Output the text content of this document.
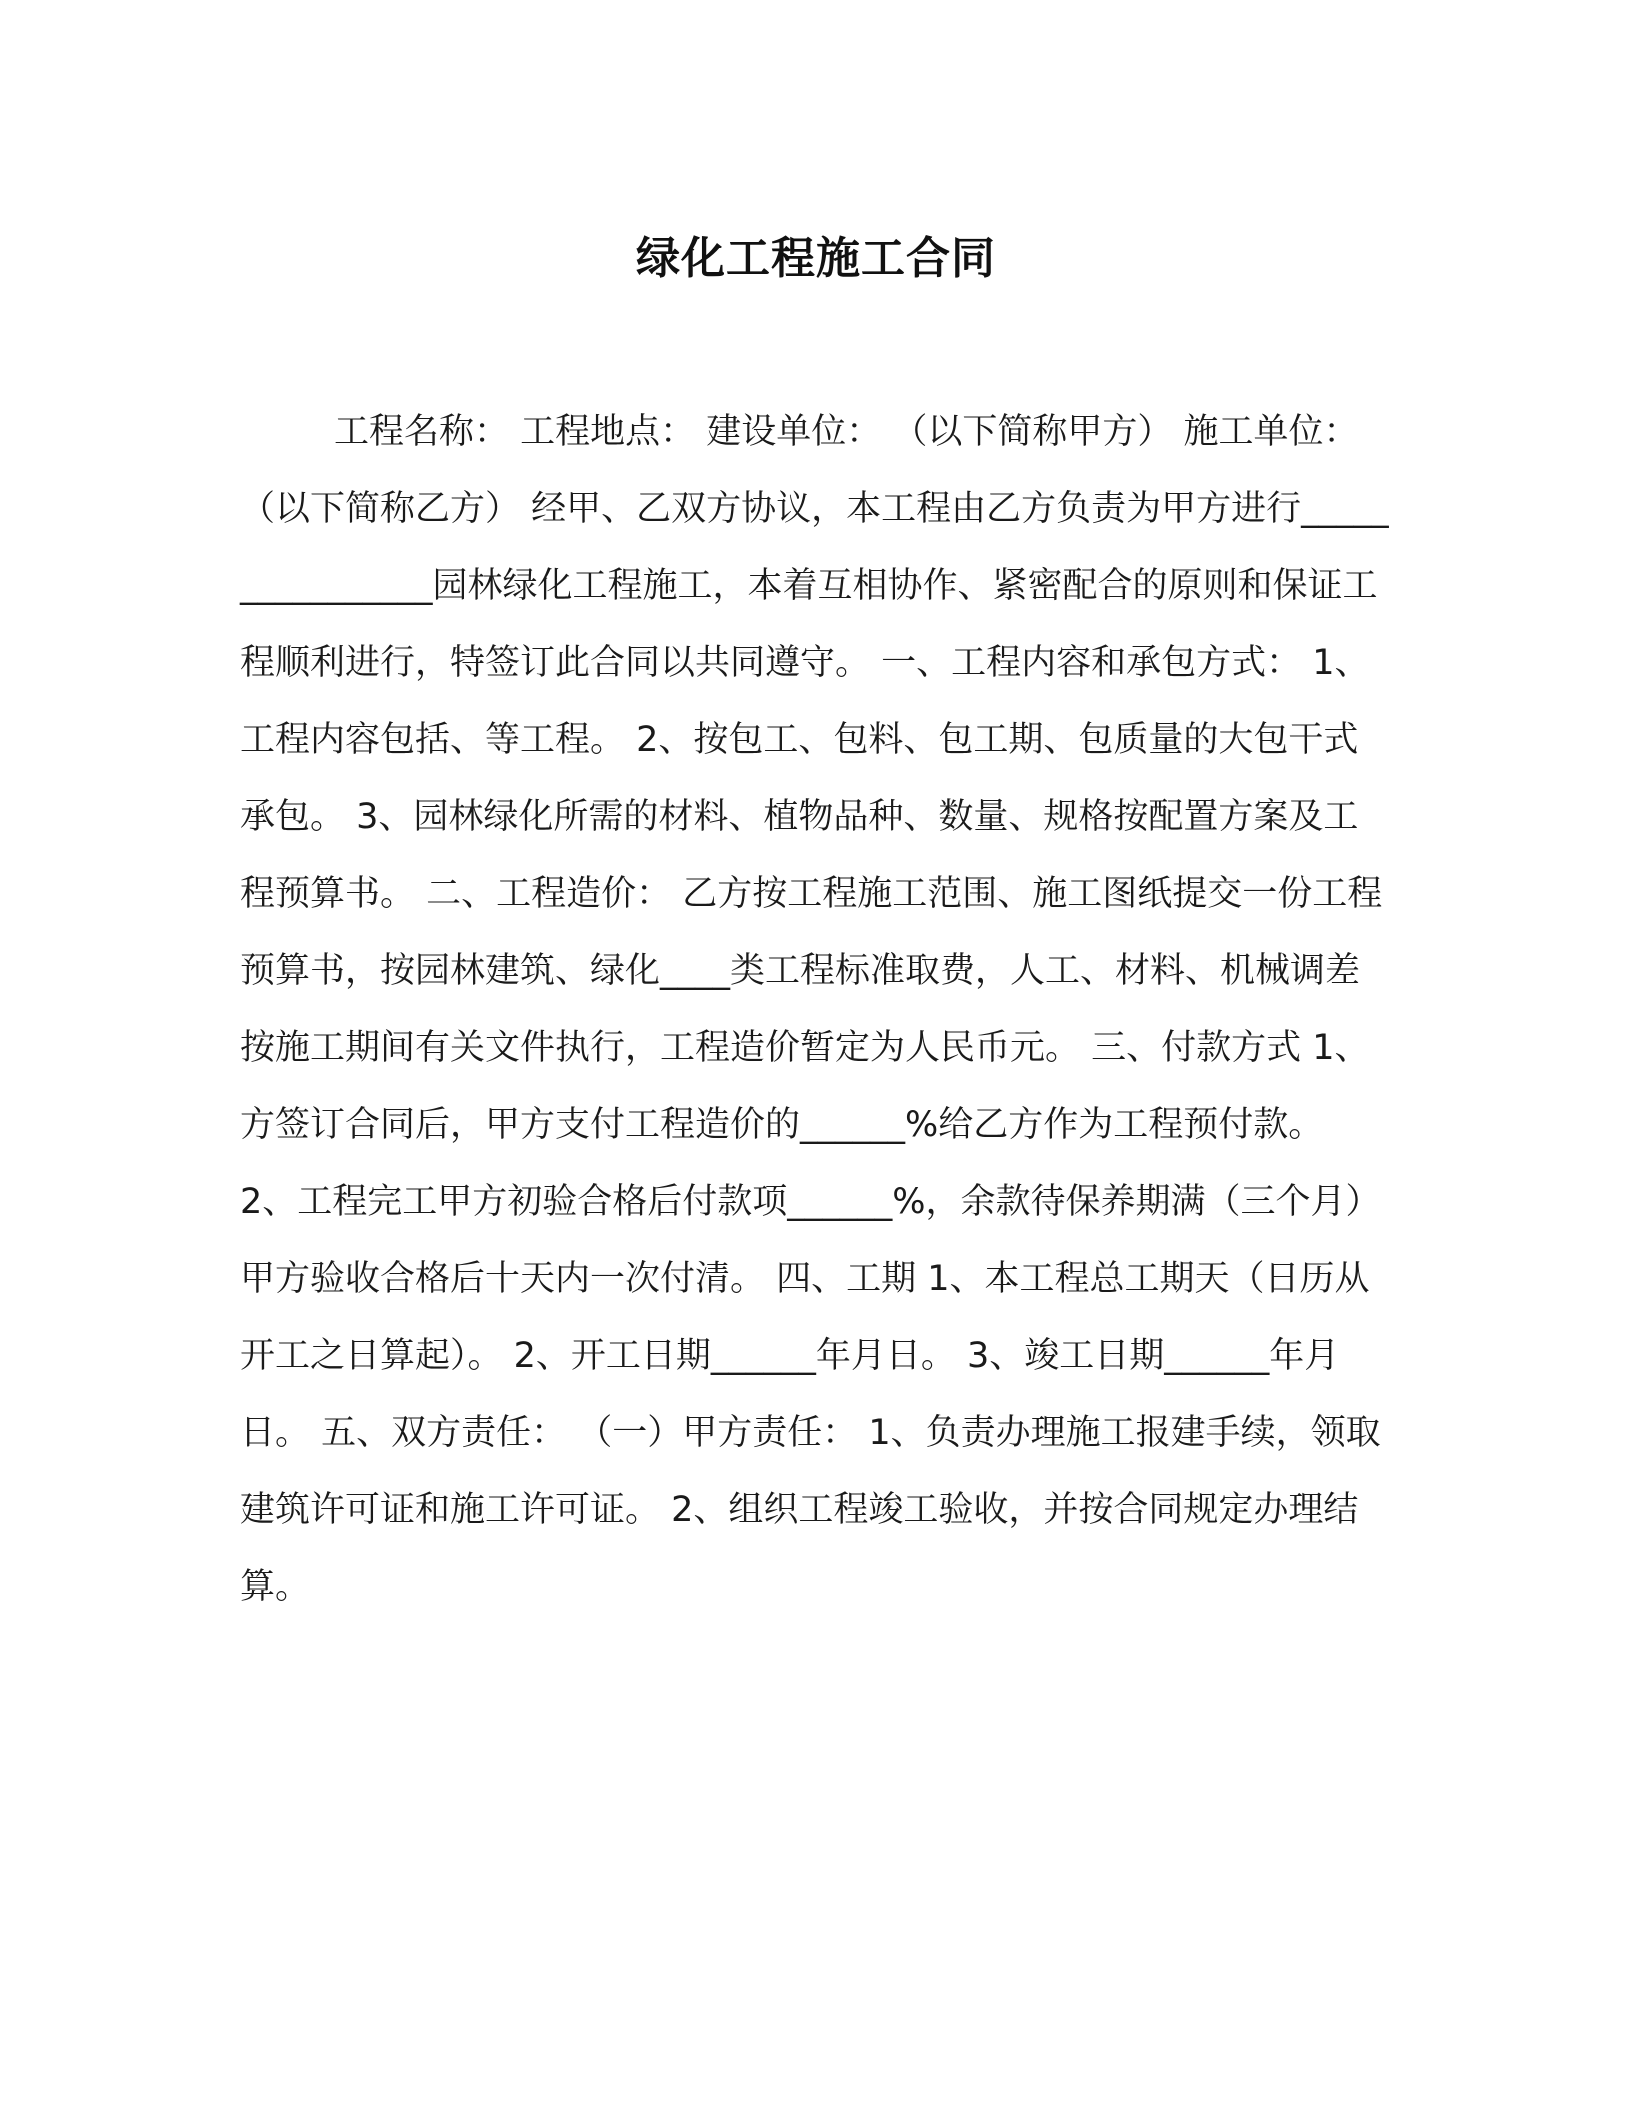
绿化工程施工合同

工程名称： 工程地点： 建设单位： （以下简称甲方） 施工单位： （以下简称乙方） 经甲、乙双方协议，本工程由乙方负责为甲方进行________________园林绿化工程施工，本着互相协作、紧密配合的原则和保证工程顺利进行，特签订此合同以共同遵守。 一、工程内容和承包方式： 1、工程内容包括、等工程。 2、按包工、包料、包工期、包质量的大包干式承包。 3、园林绿化所需的材料、植物品种、数量、规格按配置方案及工程预算书。 二、工程造价： 乙方按工程施工范围、施工图纸提交一份工程预算书，按园林建筑、绿化____类工程标准取费，人工、材料、机械调差按施工期间有关文件执行，工程造价暂定为人民币元。 三、付款方式 1、方签订合同后，甲方支付工程造价的______%给乙方作为工程预付款。 2、工程完工甲方初验合格后付款项______%，余款待保养期满（三个月）甲方验收合格后十天内一次付清。 四、工期 1、本工程总工期天（日历从开工之日算起）。 2、开工日期______年月日。 3、竣工日期______年月日。 五、双方责任： （一）甲方责任： 1、负责办理施工报建手续，领取建筑许可证和施工许可证。 2、组织工程竣工验收，并按合同规定办理结算。
